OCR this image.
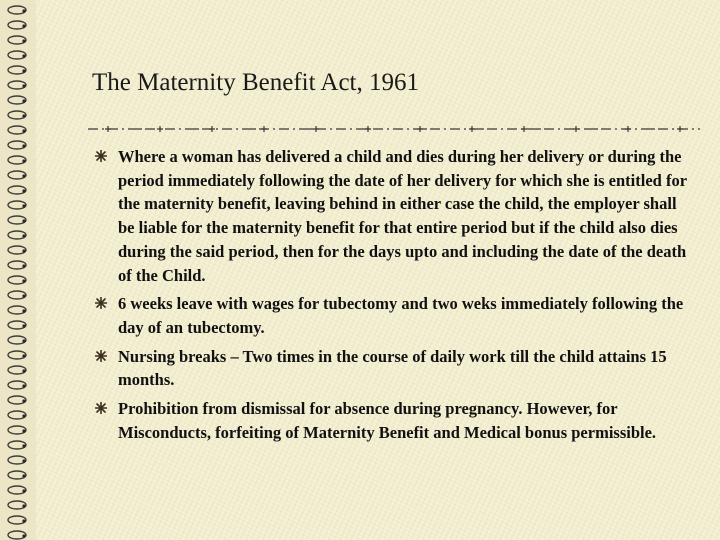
The Maternity Benefit Act, 1961
Where a woman has delivered a child and dies during her delivery or during the period immediately following the date of her delivery for which she is entitled for the maternity benefit, leaving behind in either case the child, the employer shall be liable for the maternity benefit for that entire period but if the child also dies during the said period, then for the days upto and including the date of the death of the Child.
6 weeks leave with wages for tubectomy and two weks immediately following the day of an tubectomy.
Nursing breaks – Two times in the course of daily work till the child attains 15 months.
Prohibition from dismissal for absence during pregnancy. However, for Misconducts, forfeiting of Maternity Benefit and Medical bonus permissible.
